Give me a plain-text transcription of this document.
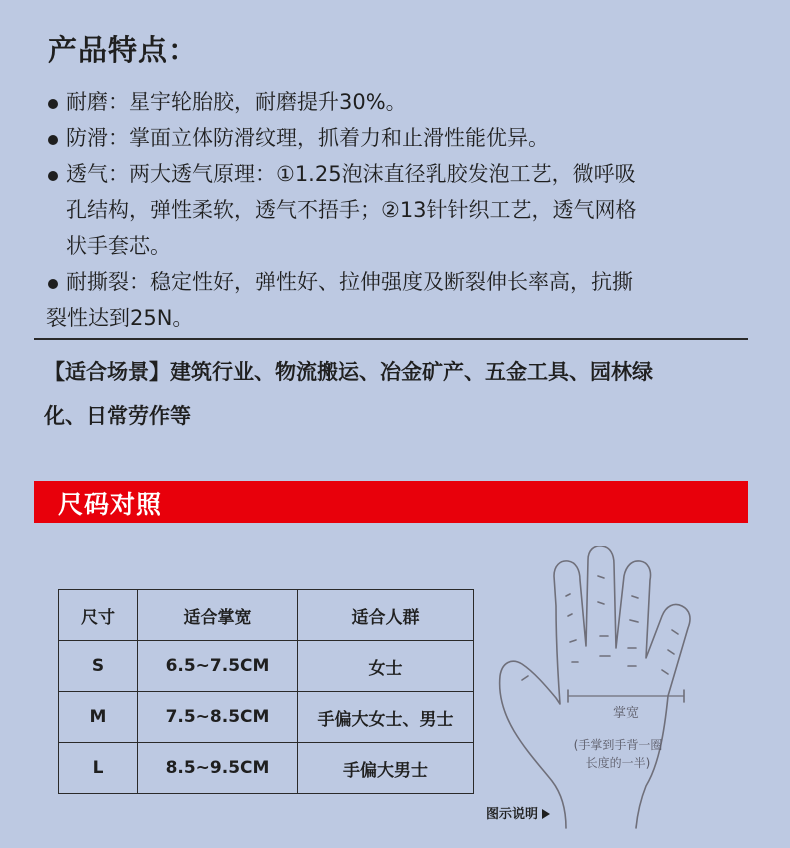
产品特点：

耐磨：星宇轮胎胶，耐磨提升30%。

防滑：掌面立体防滑纹理，抓着力和止滑性能优异。

透气：两大透气原理：①1.25泡沫直径乳胶发泡工艺，微呼吸
孔结构，弹性柔软，透气不捂手；②13针针织工艺，透气网格
状手套芯。

耐撕裂：稳定性好，弹性好、拉伸强度及断裂伸长率高，抗撕
裂性达到25N。

【适合场景】建筑行业、物流搬运、冶金矿产、五金工具、园林绿
化、日常劳作等
尺码对照
尺寸	适合掌宽	适合人群
S	6.5~7.5CM	女士
M	7.5~8.5CM	手偏大女士、男士
L	8.5~9.5CM	手偏大男士
掌宽
(手掌到手背一圈
长度的一半)
图示说明
